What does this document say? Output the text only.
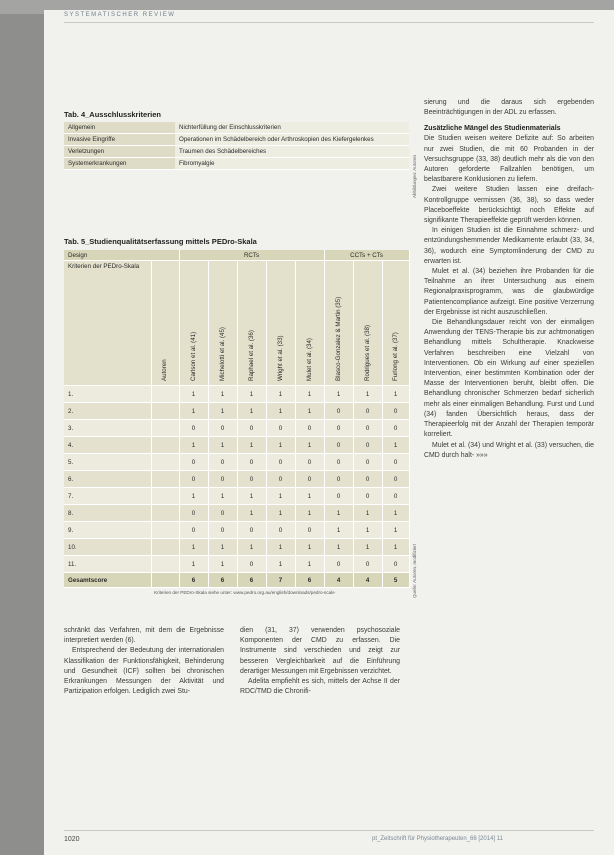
SYSTEMATISCHER REVIEW
Tab. 4_Ausschlusskriterien
Allgemein	Nichterfüllung der Einschlusskriterien
Invasive Eingriffe	Operationen im Schädelbereich oder Arthroskopien des Kiefergelenkes
Verletzungen	Traumen des Schädelbereiches
Systemerkrankungen	Fibromyalgie	Abbildungen: Autoren
Tab. 5_Studienqualitätserfassung mittels PEDro-Skala
Design		RCTs					CCTs + CTs		
Kriterien der PEDro-Skala	Autoren	Carlson et al. (41)	Michelotti et al. (45)	Raphael et al. (36)	Wright et al. (33)	Mulet et al. (34)	Blasco-Gonzalez & Martin (35)	Rodrigues et al. (38)	Furlong et al. (37)

1.		1	1	1	1	1	1	1	1
2.		1	1	1	1	1	0	0	0
3.		0	0	0	0	0	0	0	0
4.		1	1	1	1	1	0	0	1
5.		0	0	0	0	0	0	0	0
6.		0	0	0	0	0	0	0	0
7.		1	1	1	1	1	0	0	0
8.		0	0	1	1	1	1	1	1
9.		0	0	0	0	0	1	1	1
10.		1	1	1	1	1	1	1	1
11.		1	1	0	1	1	0	0	0
Gesamtscore		6	6	6	7	6	4	4	5
Kriterien der PEDro-Skala siehe unter: www.pedro.org.au/english/downloads/pedro-scale	Quelle: Autoren, modifiziert

sierung und die daraus sich ergebenden Beeinträchtigungen in der ADL zu erfassen.

Zusätzliche Mängel des Studienmaterials

Die Studien weisen weitere Defizite auf: So arbeiten nur zwei Studien, die mit 60 Probanden in der Versuchsgruppe (33, 38) deutlich mehr als die von den Autoren geforderte Fallzahlen benötigen, um belastbarere Konklusionen zu liefern.

Zwei weitere Studien lassen eine dreifach-Kontrollgruppe vermissen (36, 38), so dass weder Placeboeffekte berücksichtigt noch Effekte auf signifikante Therapieeffekte geprüft werden können.

In einigen Studien ist die Einnahme schmerz- und entzündungshemmender Medikamente erlaubt (33, 34, 36), wodurch eine Symptomlinderung der CMD zu erwarten ist.

Mulet et al. (34) beziehen ihre Probanden für die Teilnahme an ihrer Untersuchung aus einem Regionalpraxisprogramm, was die glaubwürdige Patientencompliance aufzeigt. Eine positive Verzerrung der Ergebnisse ist nicht auszuschließen.

Die Behandlungsdauer reicht von der einmaligen Anwendung der TENS-Therapie bis zur achtmonatigen Behandlung mittels Schultherapie. Knackweise Verfahren beschreiben eine Vielzahl von Interventionen. Ob ein Wirkung auf einer speziellen Intervention, einer bestimmten Kombination oder der Masse der Interventionen beruht, bleibt offen. Die Behandlung chronischer Schmerzen bedarf sicherlich mehr als einer einmaligen Behandlung. Furst und Lund (34) fanden Übersichtlich heraus, dass der Therapieerfolg mit der Anzahl der Therapien temporär korreliert.

Mulet et al. (34) und Wright et al. (33) versuchen, die CMD durch halt- »»»

schränkt das Verfahren, mit dem die Ergebnisse interpretiert werden (6).

Entsprechend der Bedeutung der internationalen Klassifikation der Funktionsfähigkeit, Behinderung und Gesundheit (ICF) sollten bei chronischen Erkrankungen Messungen der Aktivität und Partizipation erfolgen. Lediglich zwei Stu-

dien (31, 37) verwenden psychosoziale Komponenten der CMD zu erfassen. Die Instrumente sind verschieden und zeigt zur besseren Vergleichbarkeit auf die Einführung derartiger Messungen mit Ergebnissen verzichtet.

Adelita empfiehlt es sich, mittels der Achse II der RDC/TMD die Chronifi-

1020	pt_Zeitschrift für Physiotherapeuten_66 [2014] 11
